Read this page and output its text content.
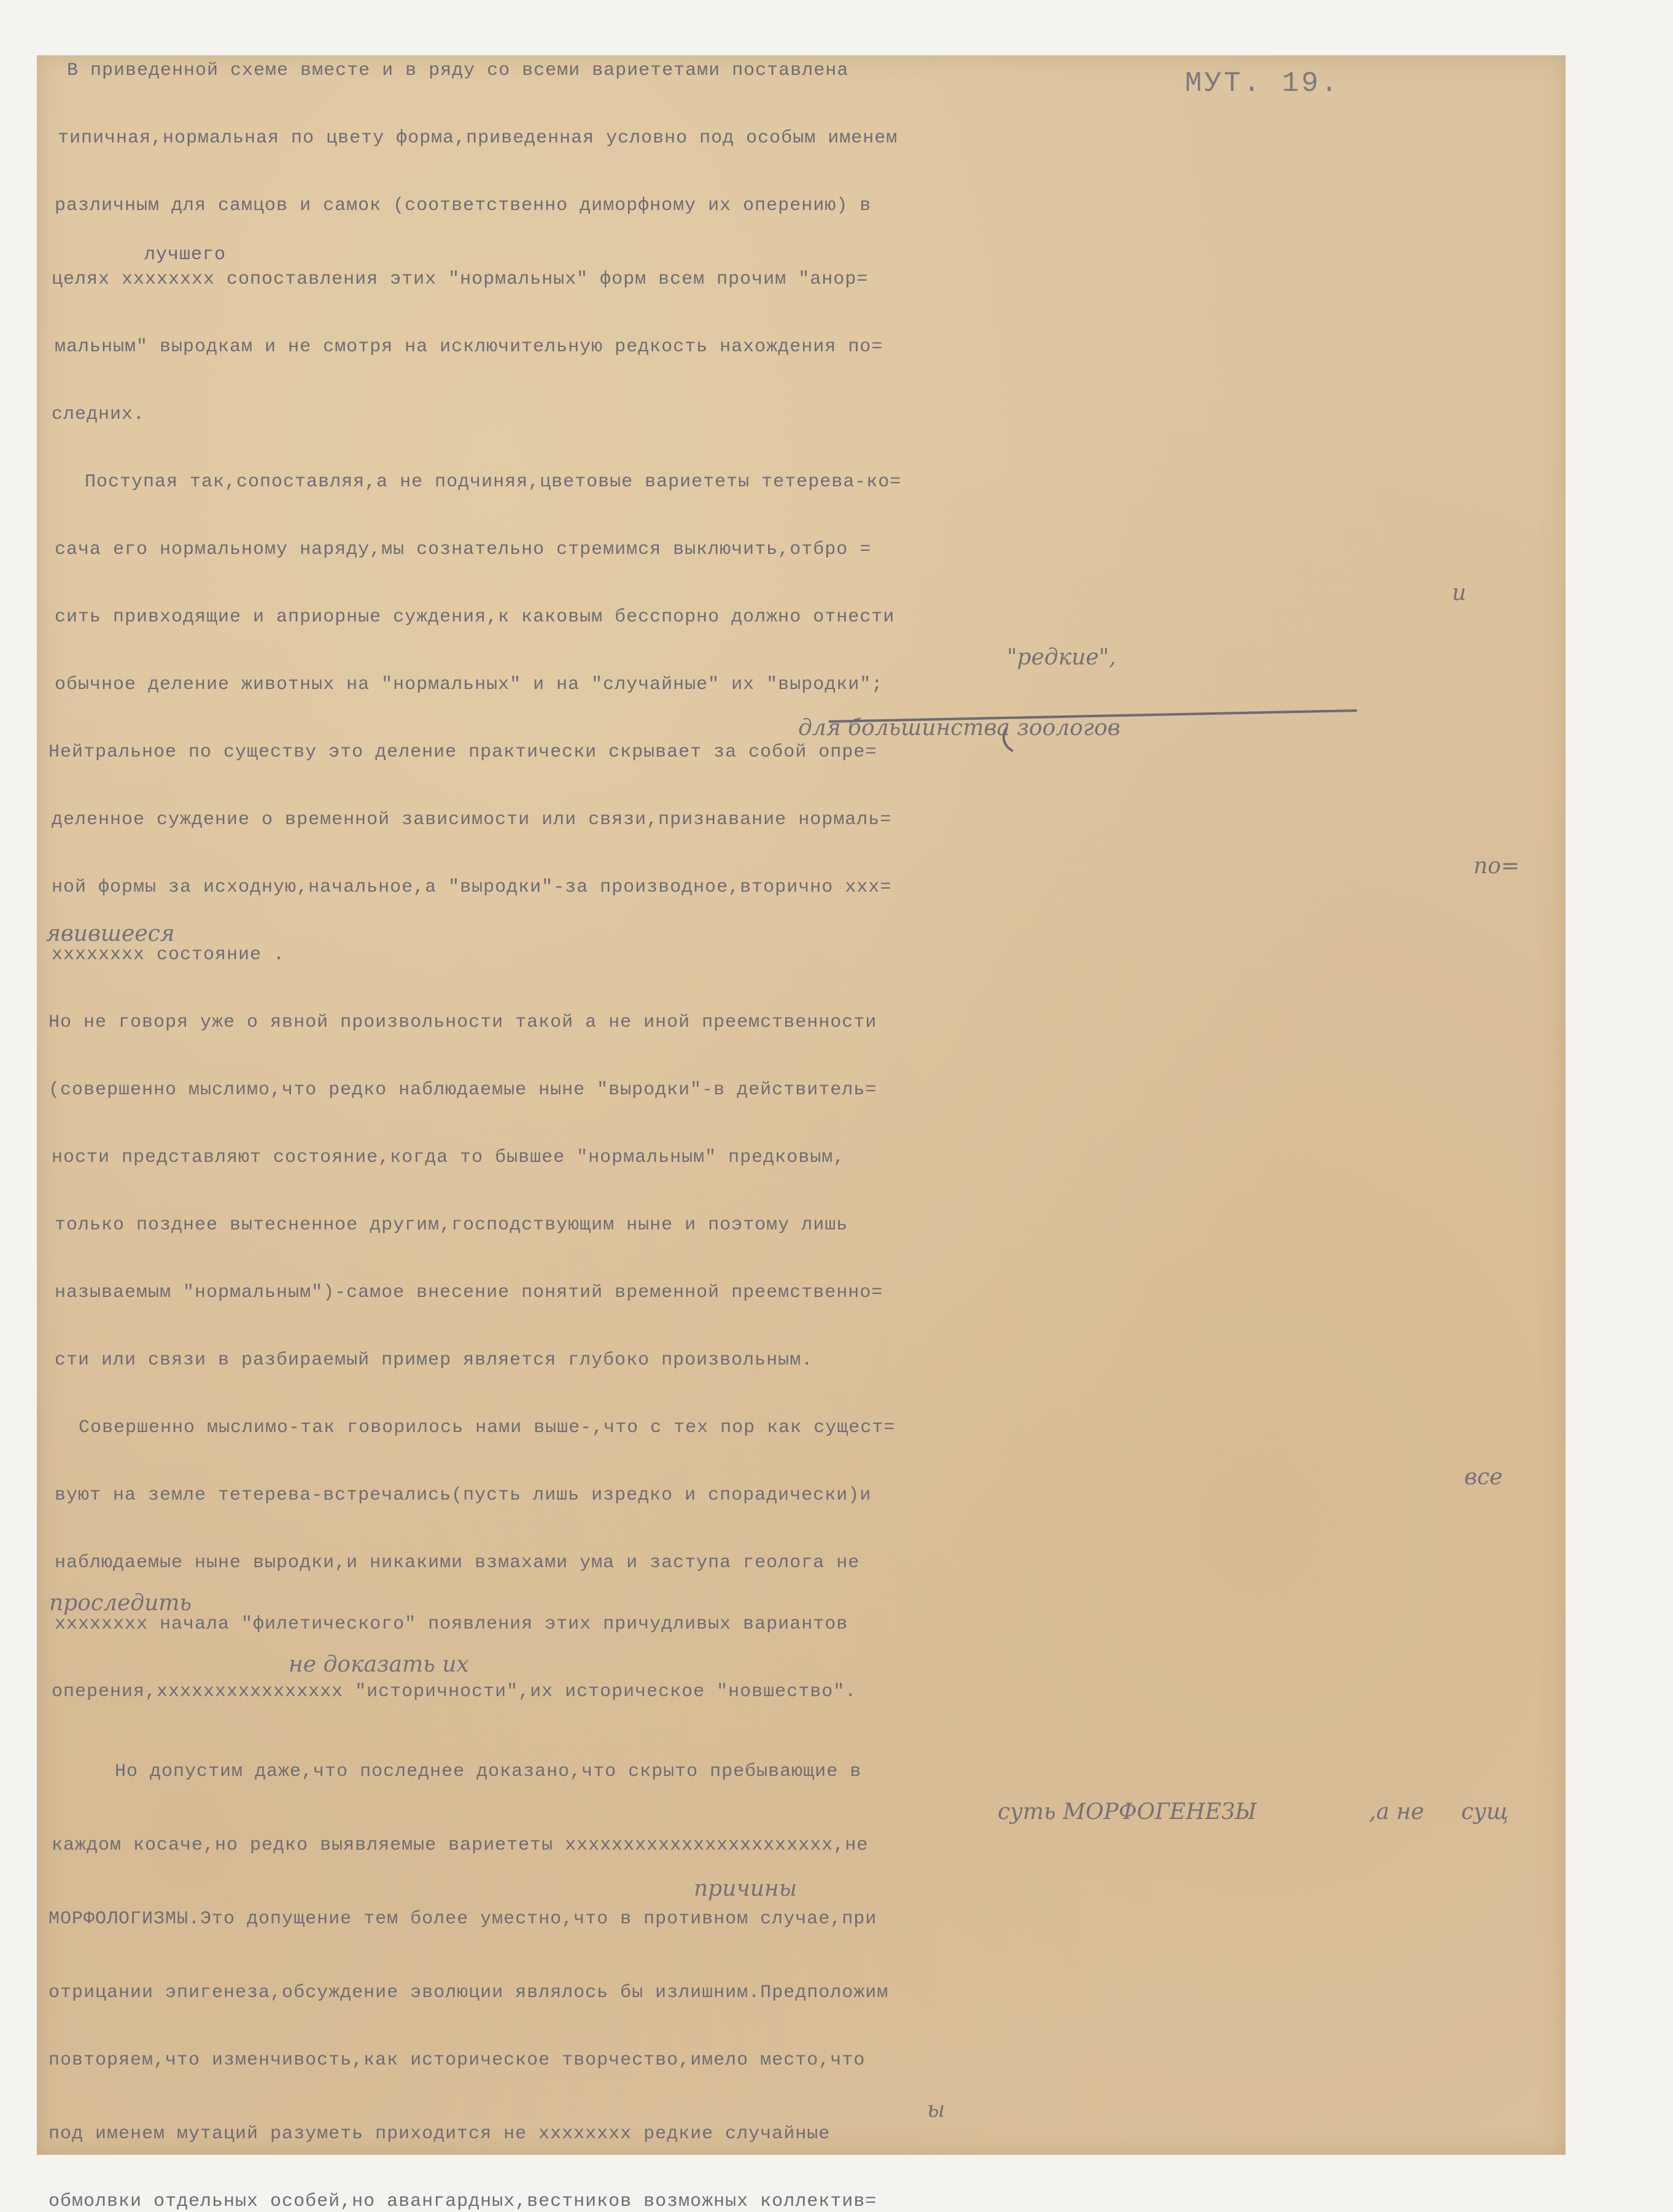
МУТ. 19.

В приведенной схеме вместе и в ряду со всеми вариететами поставлена

типичная,нормальная по цвету форма,приведенная условно под особым именем

различным для самцов и самок (соответственно диморфному их оперению) в

лучшего

целях хххххххх сопоставления этих "нормальных" форм всем прочим "анор=

мальным" выродкам и не смотря на исключительную редкость нахождения по=

следних.

Поступая так,сопоставляя,а не подчиняя,цветовые вариететы тетерева-ко=

сача его нормальному наряду,мы сознательно стремимся выключить,отбро =

сить привходящие и априорные суждения,к каковым бесспорно должно отнести

обычное деление животных на "нормальных" и на "случайные" их "выродки";

Нейтральное по существу это деление практически скрывает за собой опре=

деленное суждение о временной зависимости или связи,признавание нормаль=

ной формы за исходную,начальное,а "выродки"-за производное,вторично ххх=

хххххххх состояние .

Но не говоря уже о явной произвольности такой а не иной преемственности

(совершенно мыслимо,что редко наблюдаемые ныне "выродки"-в действитель=

ности представляют состояние,когда то бывшее "нормальным" предковым,

только позднее вытесненное другим,господствующим ныне и поэтому лишь

называемым "нормальным")-самое внесение понятий временной преемственно=

сти или связи в разбираемый пример является глубоко произвольным.

Совершенно мыслимо-так говорилось нами выше-,что с тех пор как сущест=

вуют на земле тетерева-встречались(пусть лишь изредко и спорадически)и

наблюдаемые ныне выродки,и никакими взмахами ума и заступа геолога не

хххххххх начала "филетического" появления этих причудливых вариантов

оперения,хххххххххххххххх "историчности",их историческое "новшество".

Но допустим даже,что последнее доказано,что скрыто пребывающие в

каждом косаче,но редко выявляемые вариететы ххххххххххххххххххххххх,не

МОРФОЛОГИЗМЫ.Это допущение тем более уместно,что в противном случае,при

отрицании эпигенеза,обсуждение эволюции являлось бы излишним.Предположим

повторяем,что изменчивость,как историческое творчество,имело место,что

под именем мутаций разуметь приходится не хххххххх редкие случайные

обмолвки отдельных особей,но авангардных,вестников возможных коллектив=

и
"редкие",
для большинства зоологов
по=
явившееся
все
проследить
не доказать их
суть МОРФОГЕНЕЗЫ	,а не сущ
причины
ы
